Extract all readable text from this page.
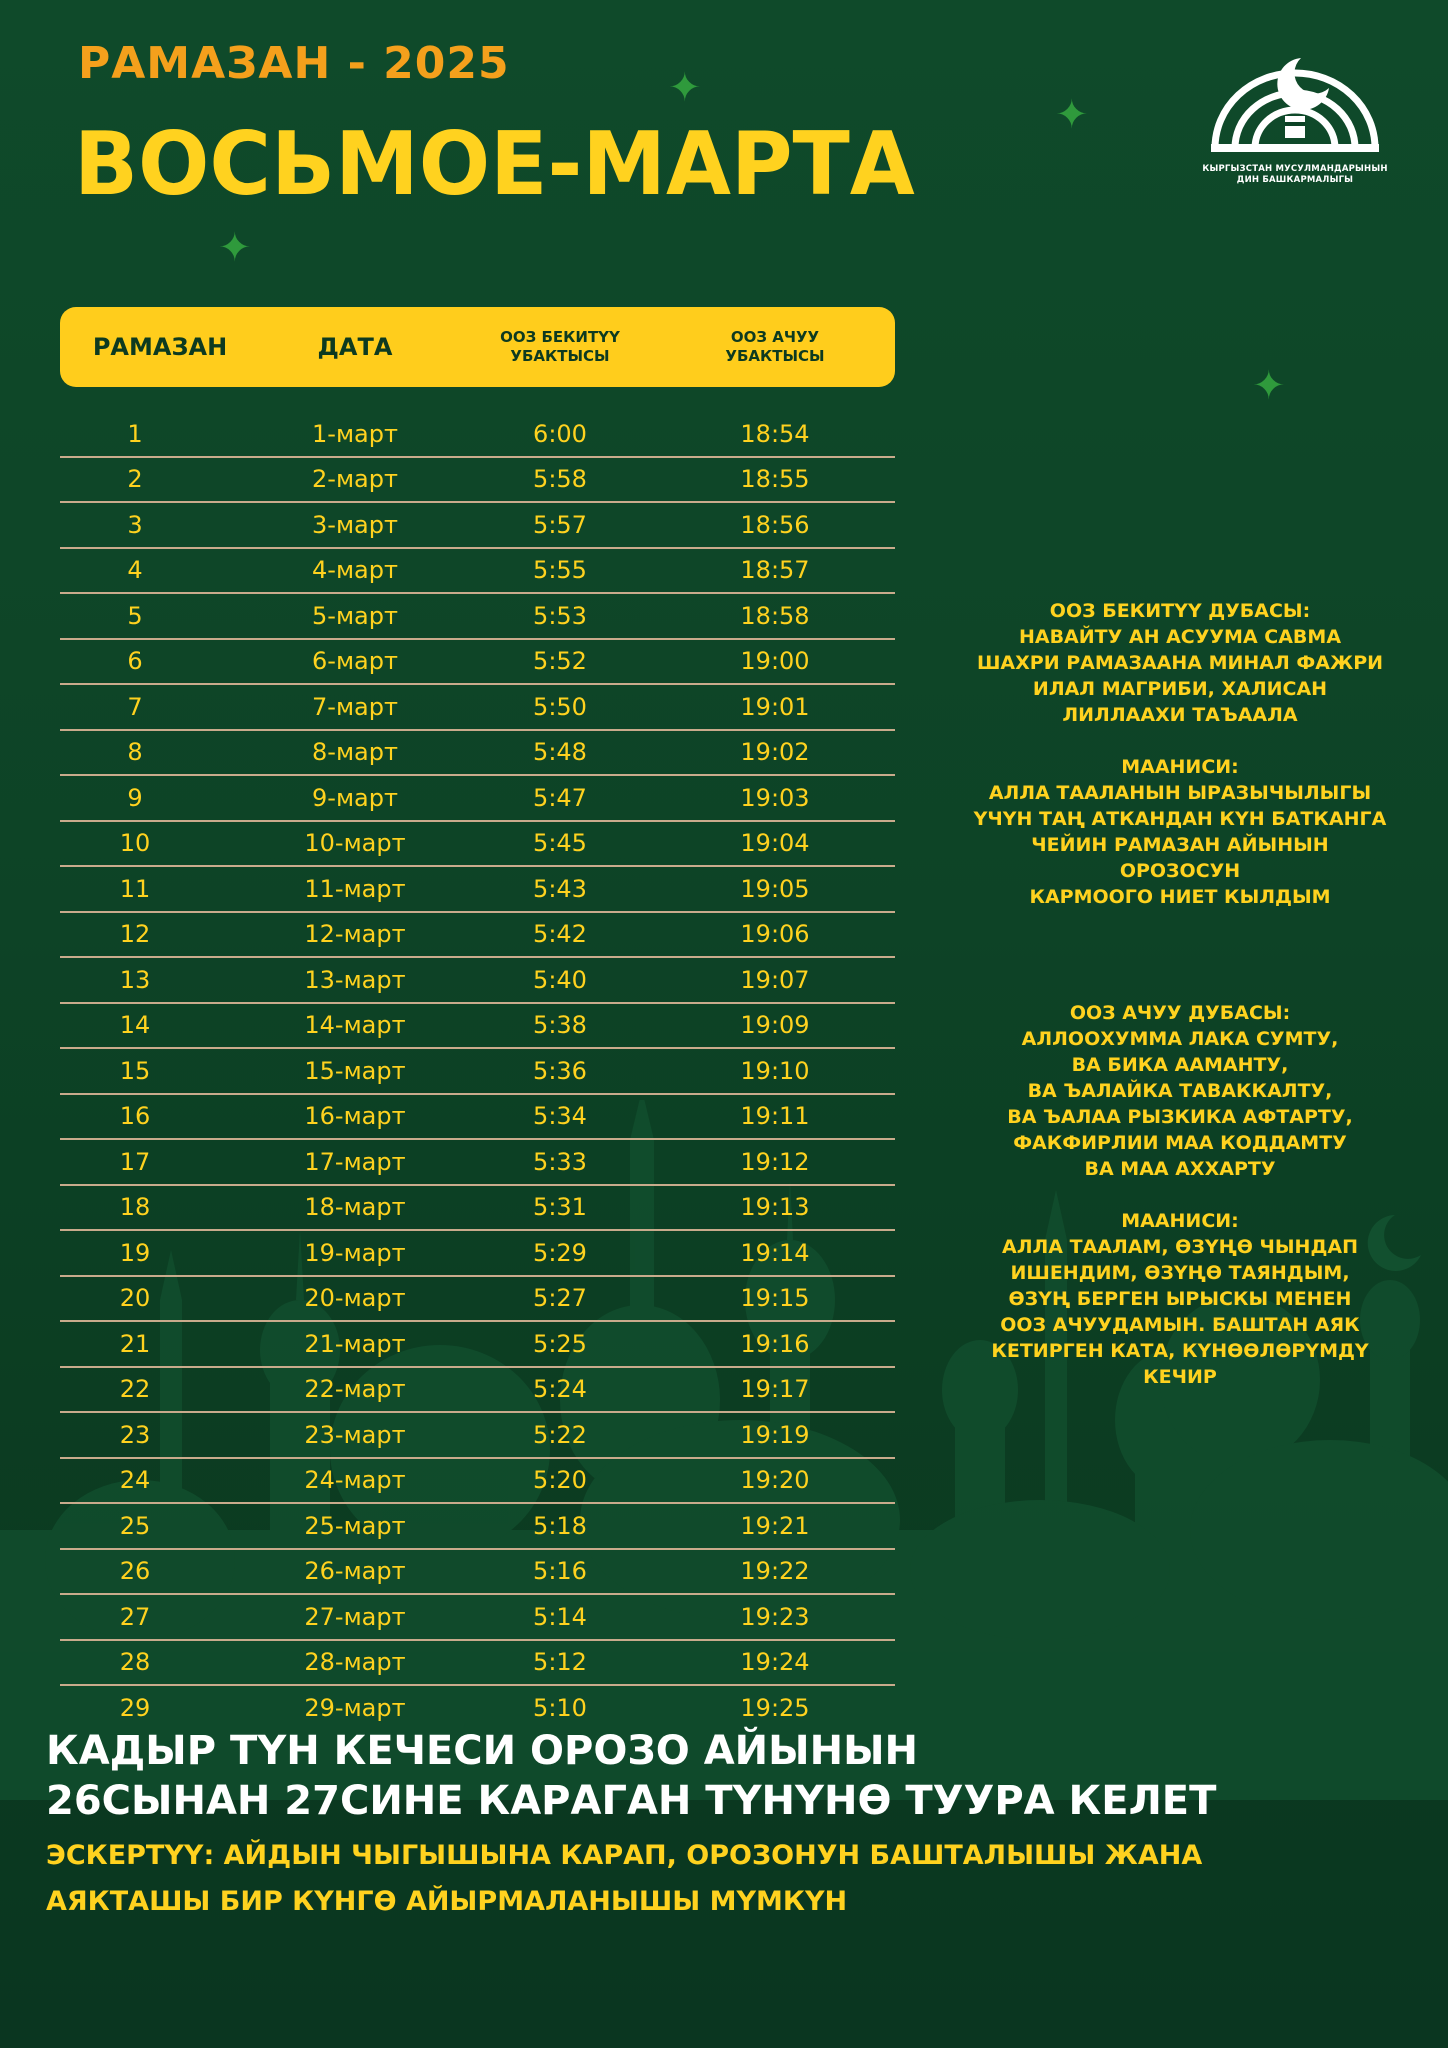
✦
✦
✦
✦
РАМАЗАН - 2025
ВОСЬМОЕ-МАРТА	КЫРГЫЗСТАН МУСУЛМАНДАРЫНЫН
ДИН БАШКАРМАЛЫГЫ
РАМАЗАН	ДАТА	ООЗ БЕКИТҮҮ
УБАКТЫСЫ
ООЗ АЧУУ
УБАКТЫСЫ
1	1-март	6:00	18:54
2	2-март	5:58	18:55
3	3-март	5:57	18:56
4	4-март	5:55	18:57
5	5-март	5:53	18:58
6	6-март	5:52	19:00
7	7-март	5:50	19:01
8	8-март	5:48	19:02
9	9-март	5:47	19:03
10	10-март	5:45	19:04
11	11-март	5:43	19:05
12	12-март	5:42	19:06
13	13-март	5:40	19:07
14	14-март	5:38	19:09
15	15-март	5:36	19:10
16	16-март	5:34	19:11
17	17-март	5:33	19:12
18	18-март	5:31	19:13
19	19-март	5:29	19:14
20	20-март	5:27	19:15
21	21-март	5:25	19:16
22	22-март	5:24	19:17
23	23-март	5:22	19:19
24	24-март	5:20	19:20
25	25-март	5:18	19:21
26	26-март	5:16	19:22
27	27-март	5:14	19:23
28	28-март	5:12	19:24
29	29-март	5:10	19:25
ООЗ БЕКИТҮҮ ДУБАСЫ:
НАВАЙТУ АН АСУУМА САВМА
ШАХРИ РАМАЗААНА МИНАЛ ФАЖРИ
ИЛАЛ МАГРИБИ, ХАЛИСАН
ЛИЛЛААХИ ТАЪААЛА
МААНИСИ:
АЛЛА ТААЛАНЫН ЫРАЗЫЧЫЛЫГЫ
ҮЧҮН ТАҢ АТКАНДАН КҮН БАТКАНГА
ЧЕЙИН РАМАЗАН АЙЫНЫН ОРОЗОСУН
КАРМООГО НИЕТ КЫЛДЫМ
ООЗ АЧУУ ДУБАСЫ:
АЛЛООХУММА ЛАКА СУМТУ,
ВА БИКА ААМАНТУ,
ВА ЪАЛАЙКА ТАВАККАЛТУ,
ВА ЪАЛАА РЫЗКИКА АФТАРТУ,
ФАКФИРЛИИ МАА КОДДАМТУ
ВА МАА АХХАРТУ
МААНИСИ:
АЛЛА ТААЛАМ, ӨЗҮҢӨ ЧЫНДАП
ИШЕНДИМ, ӨЗҮҢӨ ТАЯНДЫМ,
ӨЗҮҢ БЕРГЕН ЫРЫСКЫ МЕНЕН
ООЗ АЧУУДАМЫН. БАШТАН АЯК
КЕТИРГЕН КАТА, КҮНӨӨЛӨРҮМДҮ
КЕЧИР
КАДЫР ТҮН КЕЧЕСИ ОРОЗО АЙЫНЫН
26СЫНАН 27СИНЕ КАРАГАН ТҮНҮНӨ ТУУРА КЕЛЕТ
ЭСКЕРТҮҮ: АЙДЫН ЧЫГЫШЫНА КАРАП, ОРОЗОНУН БАШТАЛЫШЫ ЖАНА
АЯКТАШЫ БИР КҮНГӨ АЙЫРМАЛАНЫШЫ МҮМКҮН
